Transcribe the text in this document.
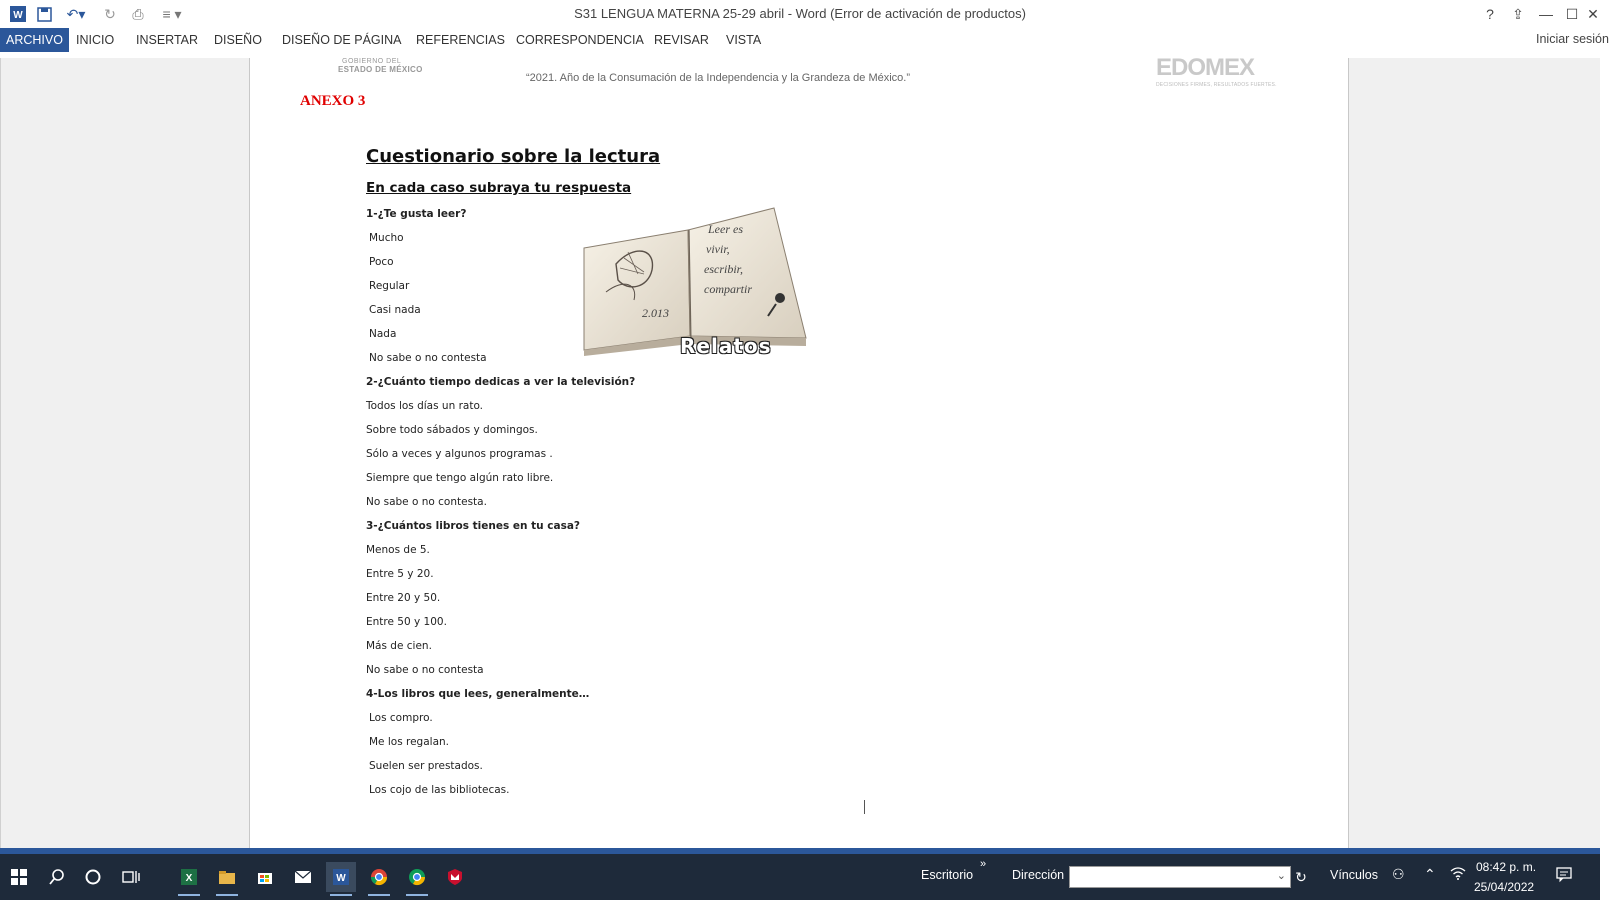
W	↶▾	↻	⎙	≡ ▾	S31 LENGUA MATERNA 25-29 abril - Word (Error de activación de productos)	?	⇪	— ☐ ✕
ARCHIVO	INICIO	INSERTAR	DISEÑO	DISEÑO DE PÁGINA	REFERENCIAS CORRESPONDENCIA REVISAR	VISTA	Iniciar sesión
GOBIERNO DEL
ESTADO DE MÉXICO
“2021. Año de la Consumación de la Independencia y la Grandeza de México.”	EDOMEX
DECISIONES FIRMES, RESULTADOS FUERTES.
ANEXO 3
Cuestionario sobre la lectura
En cada caso subraya tu respuesta
1-¿Te gusta leer?
Mucho
Poco
Regular
Casi nada
Nada
No sabe o no contesta
Leer es
vivir,
escribir,
compartir
2.013
Relatos
2-¿Cuánto tiempo dedicas a ver la televisión?
Todos los días un rato.
Sobre todo sábados y domingos.
Sólo a veces y algunos programas .
Siempre que tengo algún rato libre.
No sabe o no contesta.
3-¿Cuántos libros tienes en tu casa?
Menos de 5.
Entre 5 y 20.
Entre 20 y 50.
Entre 50 y 100.
Más de cien.
No sabe o no contesta
4-Los libros que lees, generalmente…
Los compro.
Me los regalan.
Suelen ser prestados.
Los cojo de las bibliotecas.
X	W	Escritorio
»
Dirección	⌄ ↻ Vínculos ⚇ ⌃	08:42 p. m.
25/04/2022
